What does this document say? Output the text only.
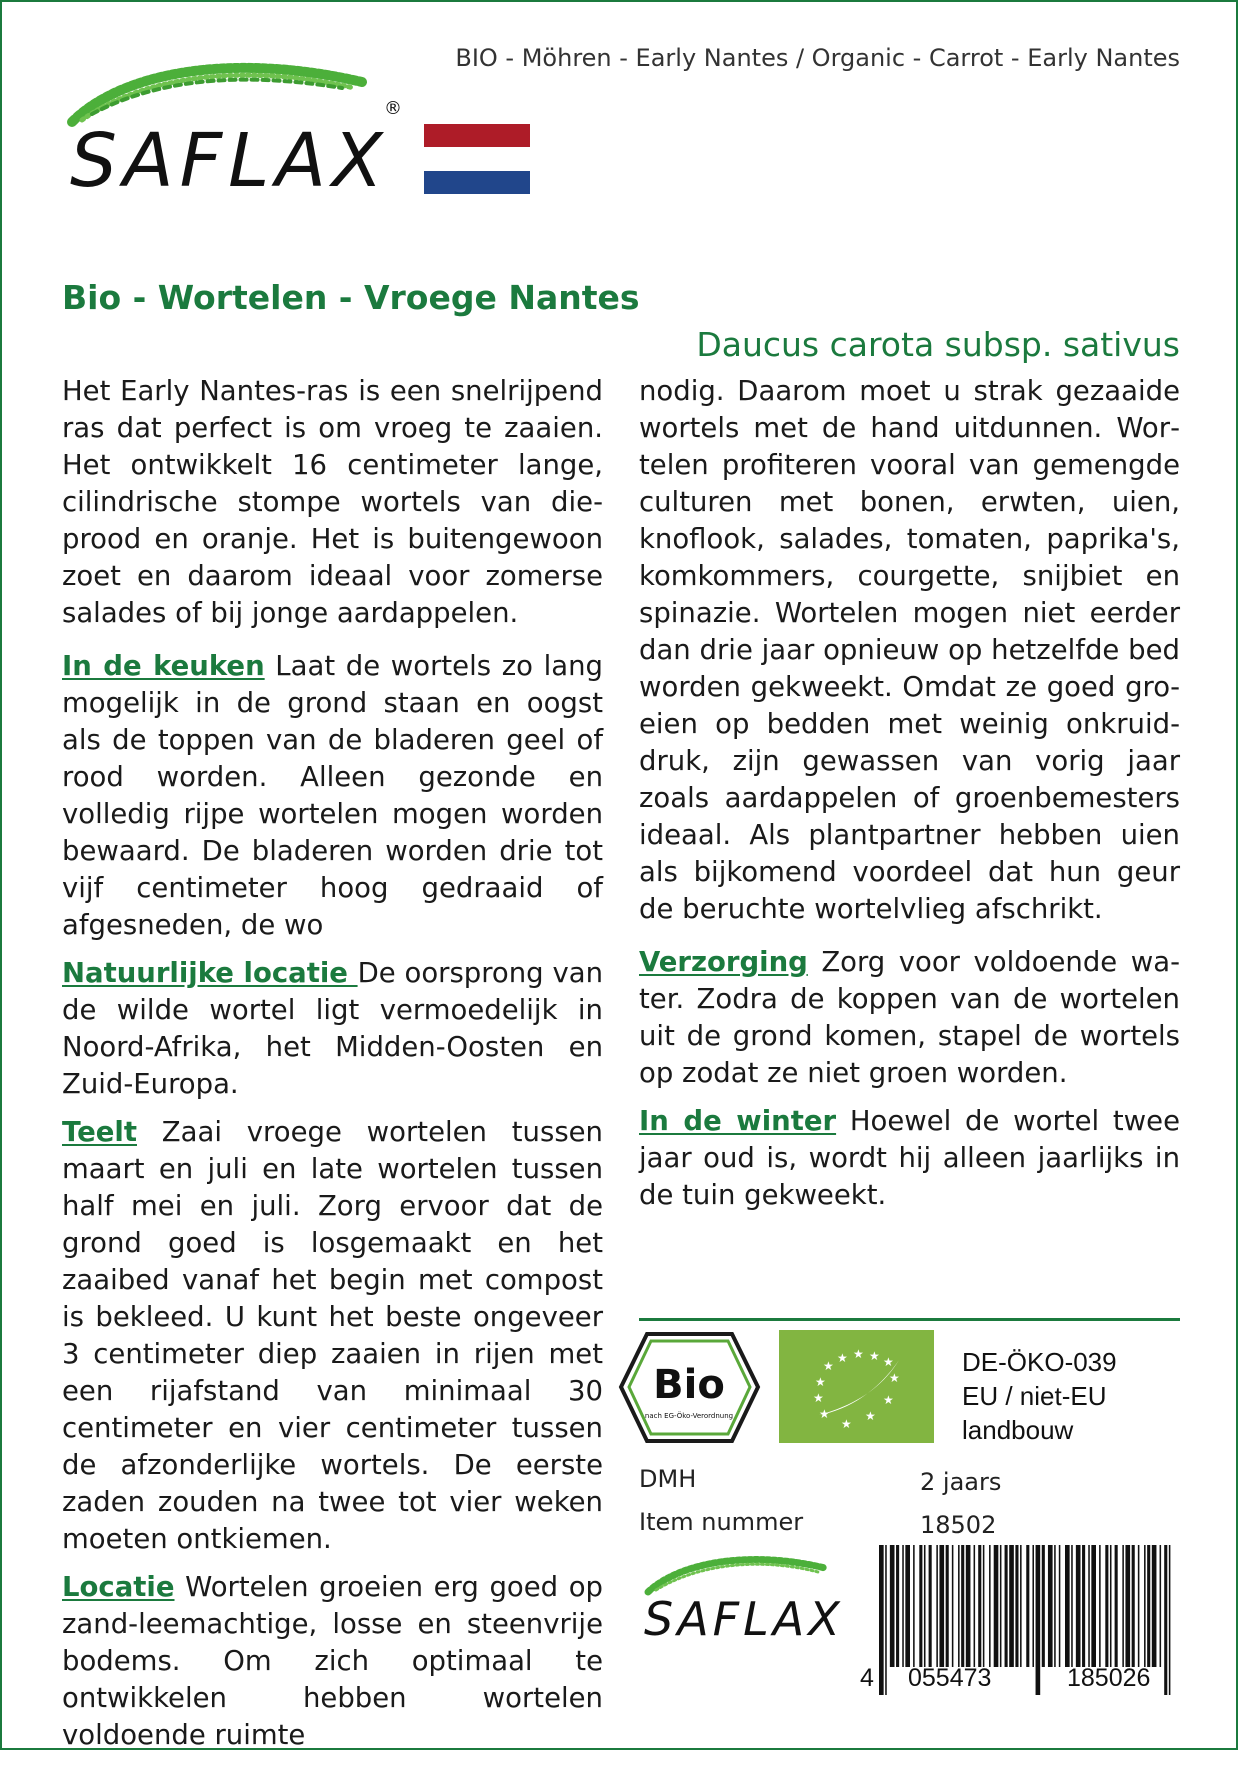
BIO - Möhren - Early Nantes / Organic - Carrot - Early Nantes
SAFLAX
®
Bio - Wortelen - Vroege Nantes
Daucus carota subsp. sativus

Het Early Nantes-ras is een snelrijpend ras dat perfect is om vroeg te zaaien. Het ontwikkelt 16 centimeter lange, cilindrische stompe wortels van dieprood en oranje. Het is buitengewoon zoet en daarom ideaal voor zomerse salades of bij jonge aardappelen.

In de keuken Laat de wortels zo lang mogelijk in de grond staan en oogst als de toppen van de bladeren geel of rood worden. Alleen gezonde en volledig rijpe wortelen mogen worden bewaard. De bladeren worden drie tot vijf centimeter hoog gedraaid of afgesneden, de wo

Natuurlijke locatie De oorsprong van de wilde wortel ligt vermoedelijk in Noord-Afrika, het Midden-Oosten en Zuid-Europa.

Teelt Zaai vroege wortelen tussen maart en juli en late wortelen tussen half mei en juli. Zorg ervoor dat de grond goed is losgemaakt en het zaaibed vanaf het begin met compost is bekleed. U kunt het beste ongeveer 3 centimeter diep zaaien in rijen met een rijafstand van minimaal 30 centimeter en vier centimeter tussen de afzonderlijke wortels. De eerste zaden zouden na twee tot vier weken moeten ontkiemen.

Locatie Wortelen groeien erg goed op zand-leemachtige, losse en steenvrije bodems. Om zich optimaal te ontwikkelen hebben wortelen voldoende ruimte

nodig. Daarom moet u strak gezaaide wortels met de hand uitdunnen. Wortelen profiteren vooral van gemengde culturen met bonen, erwten, uien, knoflook, salades, tomaten, paprika's, komkommers, courgette, snijbiet en spinazie. Wortelen mogen niet eerder dan drie jaar opnieuw op hetzelfde bed worden gekweekt. Omdat ze goed groeien op bedden met weinig onkruiddruk, zijn gewassen van vorig jaar zoals aardappelen of groenbemesters ideaal. Als plantpartner hebben uien als bijkomend voordeel dat hun geur de beruchte wortelvlieg afschrikt.

Verzorging Zorg voor voldoende water. Zodra de koppen van de wortelen uit de grond komen, stapel de wortels op zodat ze niet groen worden.

In de winter Hoewel de wortel twee jaar oud is, wordt hij alleen jaarlijks in de tuin gekweekt.

Bio
nach EG-Öko-Verordnung
★
★ ★ ★ ★
★
★
★
★
★
★
★
DE-ÖKO-039
EU / niet-EU
landbouw
DMH	2 jaars
Item nummer	18502
SAFLAX
4 055473	185026
